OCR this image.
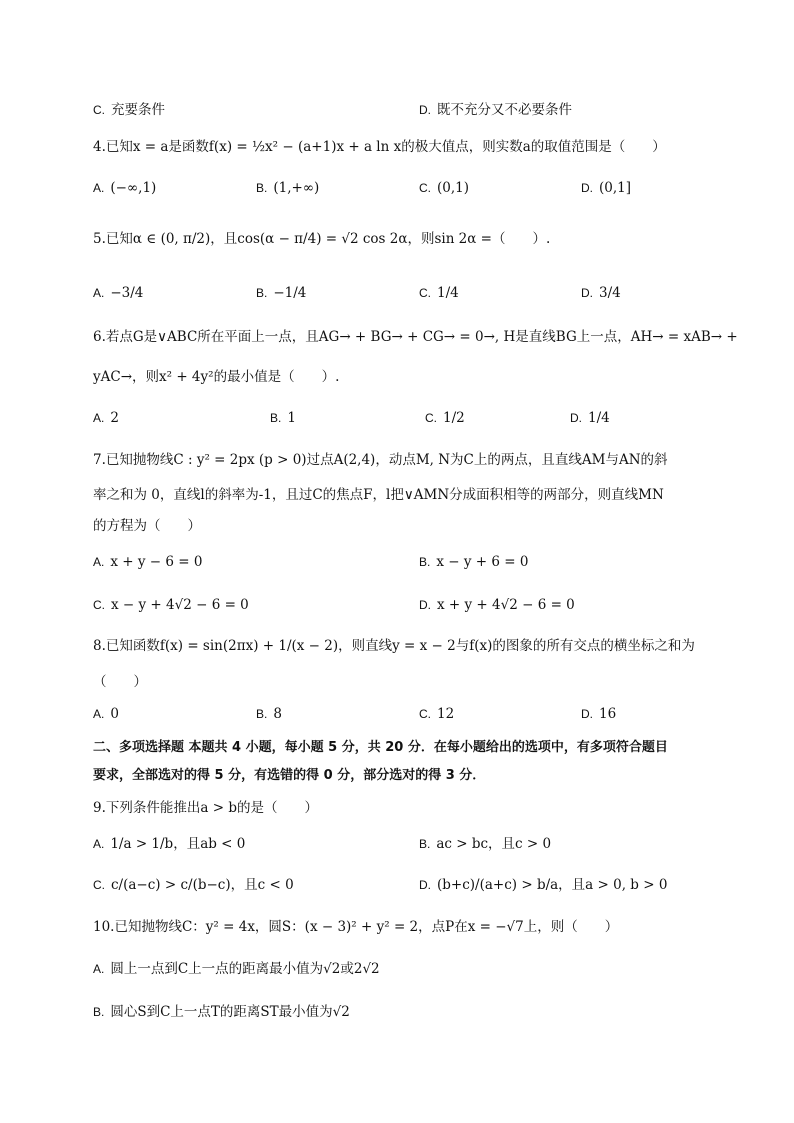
C. 充要条件	D. 既不充分又不必要条件
4.已知x = a是函数f(x) = ½x² − (a+1)x + a ln x的极大值点，则实数a的取值范围是（　　）
A. (−∞,1)	B. (1,+∞)	C. (0,1)	D. (0,1]
5.已知α ∈ (0, π/2)，且cos(α − π/4) = √2 cos 2α，则sin 2α =（　　）.
A. −3/4	B. −1/4	C. 1/4	D. 3/4
6.若点G是∨ABC所在平面上一点，且AG→ + BG→ + CG→ = 0→, H是直线BG上一点，AH→ = xAB→ +
yAC→，则x² + 4y²的最小值是（　　）.
A. 2	B. 1	C. 1/2	D. 1/4
7.已知抛物线C : y² = 2px (p > 0)过点A(2,4)，动点M, N为C上的两点，且直线AM与AN的斜
率之和为 0，直线l的斜率为-1，且过C的焦点F，l把∨AMN分成面积相等的两部分，则直线MN
的方程为（　　）
A. x + y − 6 = 0	B. x − y + 6 = 0
C. x − y + 4√2 − 6 = 0	D. x + y + 4√2 − 6 = 0
8.已知函数f(x) = sin(2πx) + 1/(x − 2)，则直线y = x − 2与f(x)的图象的所有交点的横坐标之和为
（　　）
A. 0	B. 8	C. 12	D. 16
二、多项选择题 本题共 4 小题，每小题 5 分，共 20 分．在每小题给出的选项中，有多项符合题目
要求，全部选对的得 5 分，有选错的得 0 分，部分选对的得 3 分．
9.下列条件能推出a > b的是（　　）
A. 1/a > 1/b，且ab < 0	B. ac > bc，且c > 0
C. c/(a−c) > c/(b−c)，且c < 0	D. (b+c)/(a+c) > b/a，且a > 0, b > 0
10.已知抛物线C：y² = 4x，圆S：(x − 3)² + y² = 2，点P在x = −√7上，则（　　）
A. 圆上一点到C上一点的距离最小值为√2或2√2
B. 圆心S到C上一点T的距离ST最小值为√2
